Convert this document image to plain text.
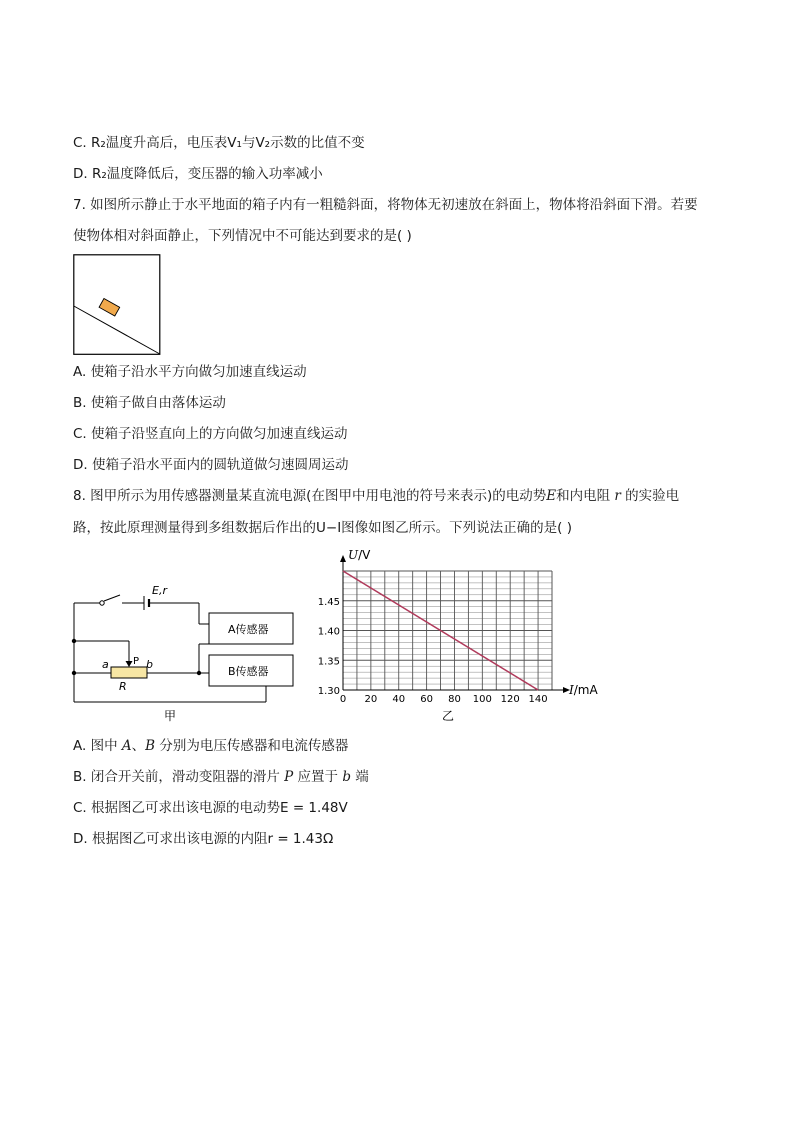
C. R₂温度升高后，电压表V₁与V₂示数的比值不变
D. R₂温度降低后，变压器的输入功率减小
7. 如图所示静止于水平地面的箱子内有一粗糙斜面，将物体无初速放在斜面上，物体将沿斜面下滑。若要
使物体相对斜面静止，下列情况中不可能达到要求的是( )
A. 使箱子沿水平方向做匀加速直线运动
B. 使箱子做自由落体运动
C. 使箱子沿竖直向上的方向做匀加速直线运动
D. 使箱子沿水平面内的圆轨道做匀速圆周运动
8. 图甲所示为用传感器测量某直流电源(在图甲中用电池的符号来表示)的电动势E和内电阻 r 的实验电
路，按此原理测量得到多组数据后作出的U−I图像如图乙所示。下列说法正确的是( )
E,r
A传感器
B传感器
P
a	b
R
甲
0 20 40 60 80 100 120 140
1.30
1.35
1.40
1.45
U/V
I/mA
乙
A. 图中 A、B 分别为电压传感器和电流传感器
B. 闭合开关前，滑动变阻器的滑片 P 应置于 b 端
C. 根据图乙可求出该电源的电动势E = 1.48V
D. 根据图乙可求出该电源的内阻r = 1.43Ω
